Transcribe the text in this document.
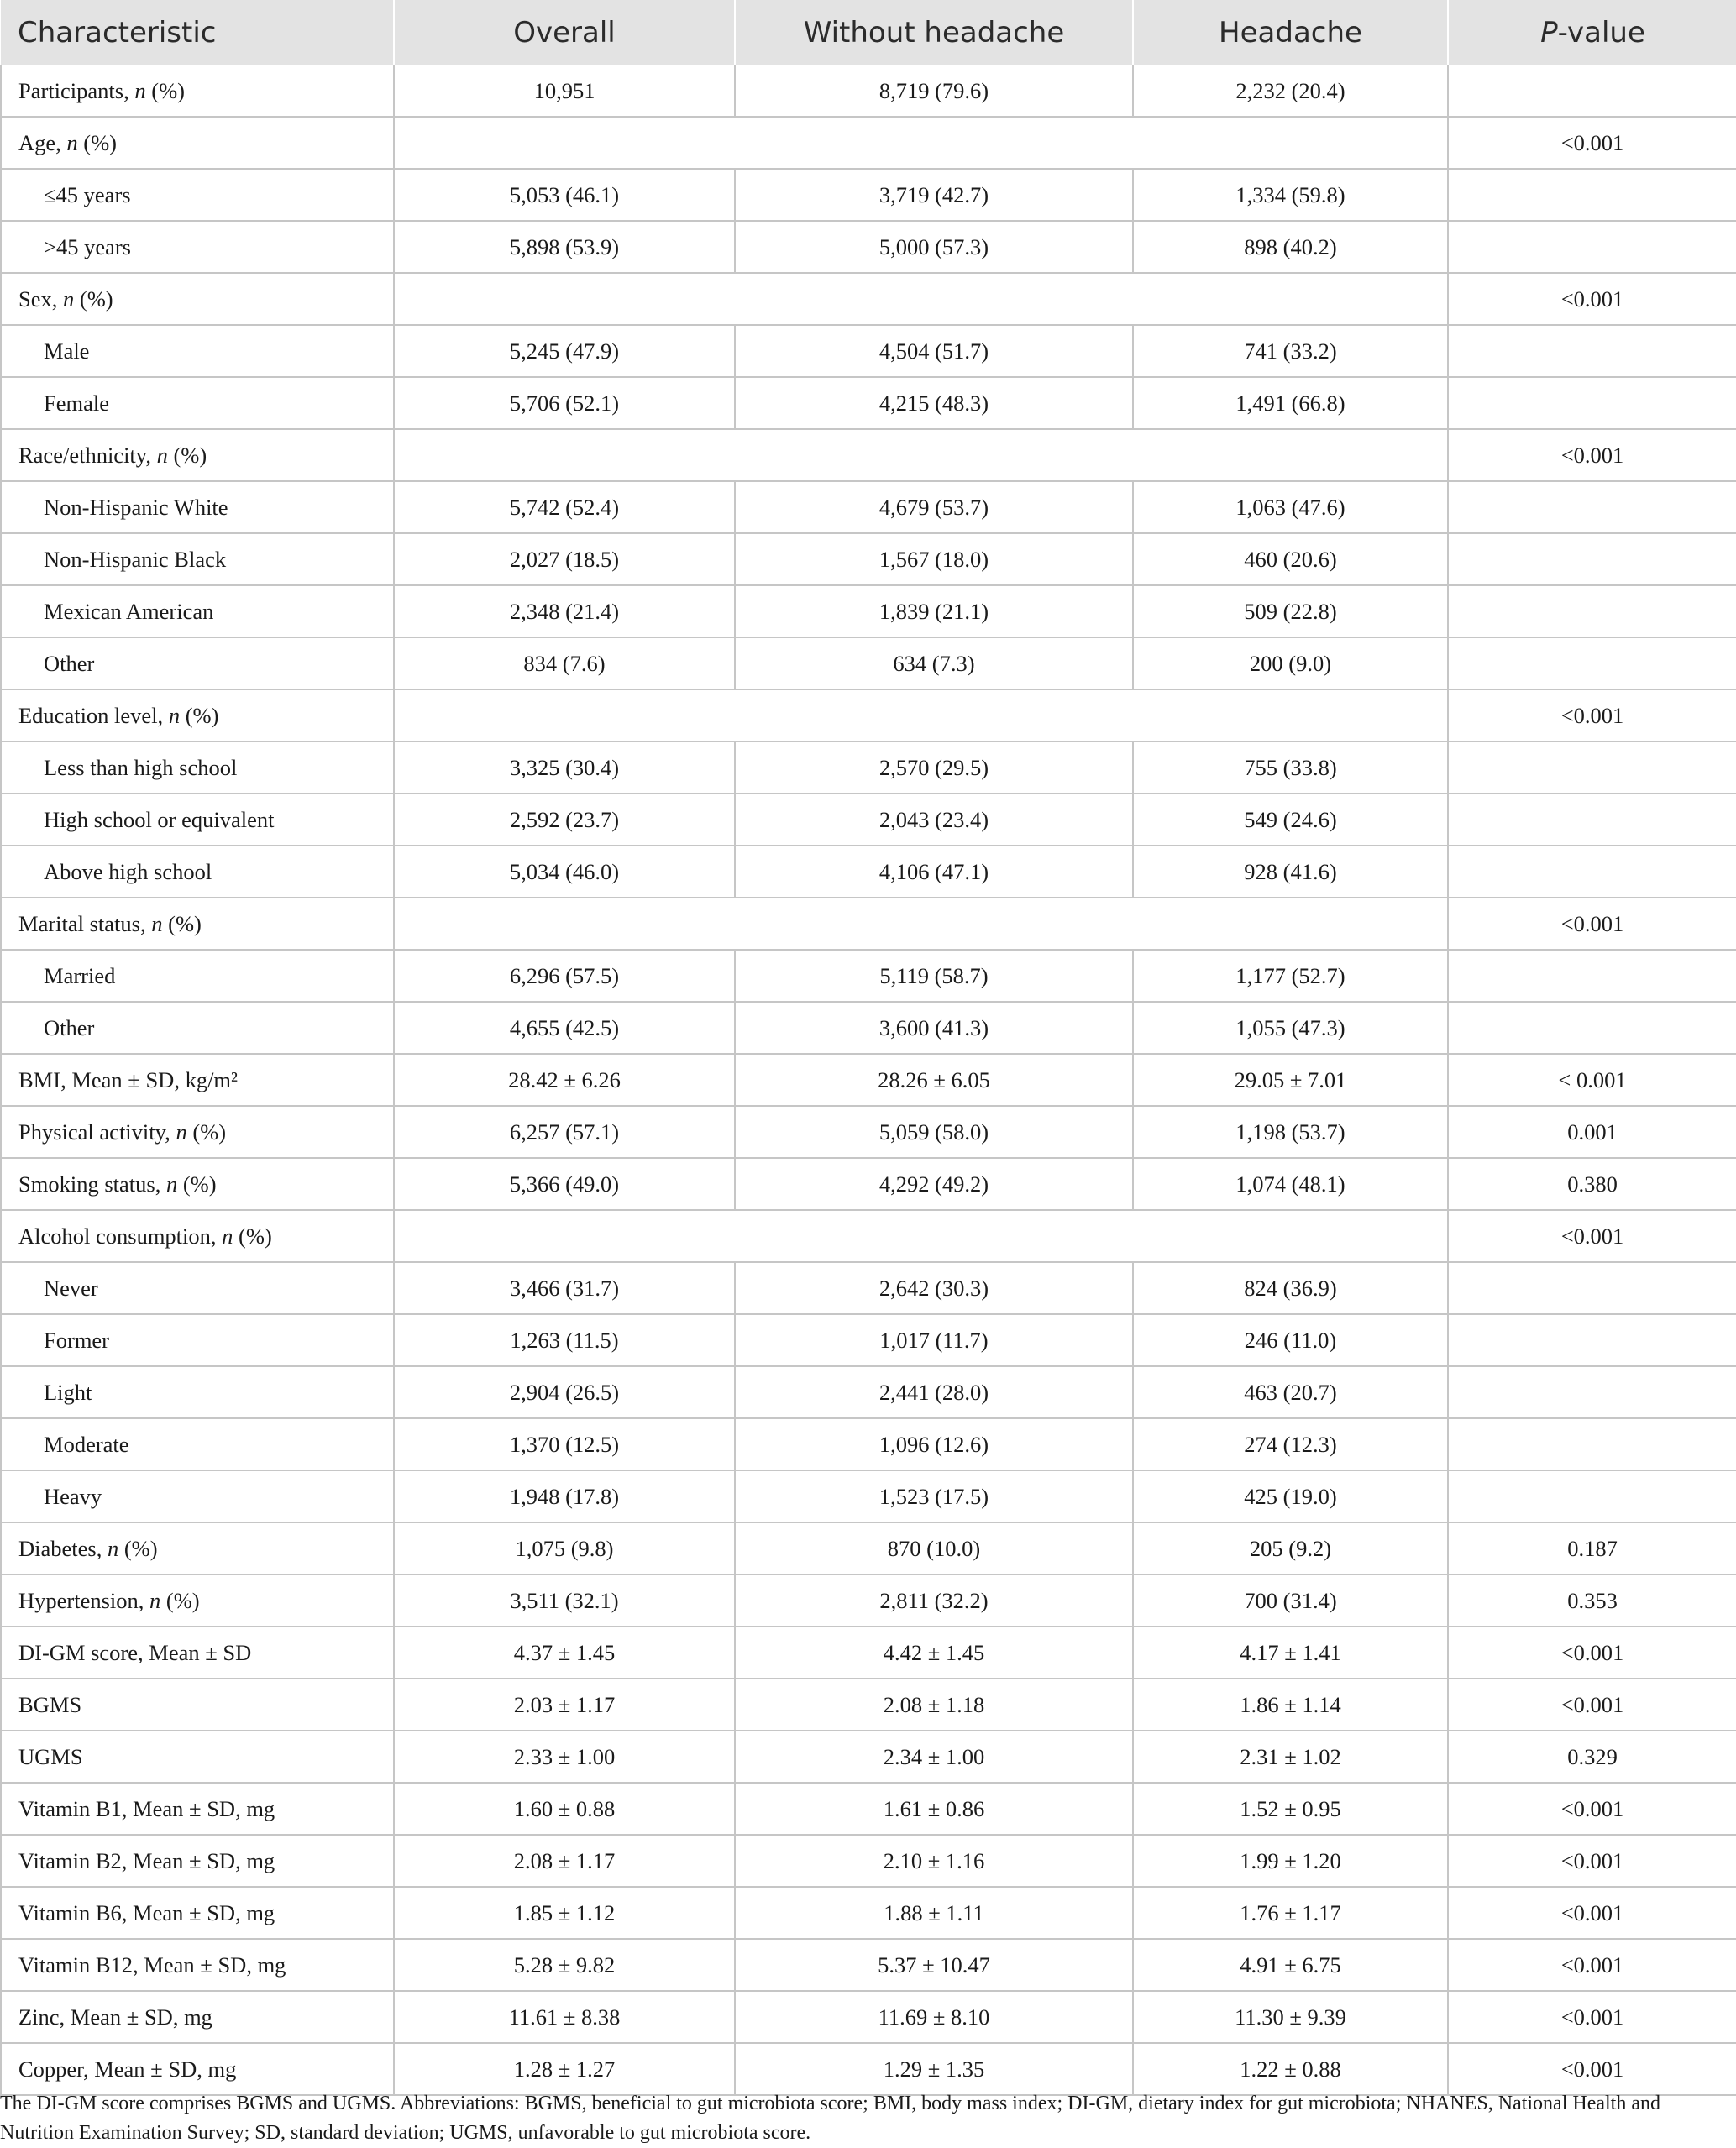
Characteristic	Overall	Without headache	Headache	P-value
Participants, n (%)	10,951	8,719 (79.6)	2,232 (20.4)	
Age, n (%)				<0.001
≤45 years	5,053 (46.1)	3,719 (42.7)	1,334 (59.8)	
>45 years	5,898 (53.9)	5,000 (57.3)	898 (40.2)	
Sex, n (%)				<0.001
Male	5,245 (47.9)	4,504 (51.7)	741 (33.2)	
Female	5,706 (52.1)	4,215 (48.3)	1,491 (66.8)	
Race/ethnicity, n (%)				<0.001
Non-Hispanic White	5,742 (52.4)	4,679 (53.7)	1,063 (47.6)	
Non-Hispanic Black	2,027 (18.5)	1,567 (18.0)	460 (20.6)	
Mexican American	2,348 (21.4)	1,839 (21.1)	509 (22.8)	
Other	834 (7.6)	634 (7.3)	200 (9.0)	
Education level, n (%)				<0.001
Less than high school	3,325 (30.4)	2,570 (29.5)	755 (33.8)	
High school or equivalent	2,592 (23.7)	2,043 (23.4)	549 (24.6)	
Above high school	5,034 (46.0)	4,106 (47.1)	928 (41.6)	
Marital status, n (%)				<0.001
Married	6,296 (57.5)	5,119 (58.7)	1,177 (52.7)	
Other	4,655 (42.5)	3,600 (41.3)	1,055 (47.3)	
BMI, Mean ± SD, kg/m²	28.42 ± 6.26	28.26 ± 6.05	29.05 ± 7.01	< 0.001
Physical activity, n (%)	6,257 (57.1)	5,059 (58.0)	1,198 (53.7)	0.001
Smoking status, n (%)	5,366 (49.0)	4,292 (49.2)	1,074 (48.1)	0.380
Alcohol consumption, n (%)				<0.001
Never	3,466 (31.7)	2,642 (30.3)	824 (36.9)	
Former	1,263 (11.5)	1,017 (11.7)	246 (11.0)	
Light	2,904 (26.5)	2,441 (28.0)	463 (20.7)	
Moderate	1,370 (12.5)	1,096 (12.6)	274 (12.3)	
Heavy	1,948 (17.8)	1,523 (17.5)	425 (19.0)	
Diabetes, n (%)	1,075 (9.8)	870 (10.0)	205 (9.2)	0.187
Hypertension, n (%)	3,511 (32.1)	2,811 (32.2)	700 (31.4)	0.353
DI-GM score, Mean ± SD	4.37 ± 1.45	4.42 ± 1.45	4.17 ± 1.41	<0.001
BGMS	2.03 ± 1.17	2.08 ± 1.18	1.86 ± 1.14	<0.001
UGMS	2.33 ± 1.00	2.34 ± 1.00	2.31 ± 1.02	0.329
Vitamin B1, Mean ± SD, mg	1.60 ± 0.88	1.61 ± 0.86	1.52 ± 0.95	<0.001
Vitamin B2, Mean ± SD, mg	2.08 ± 1.17	2.10 ± 1.16	1.99 ± 1.20	<0.001
Vitamin B6, Mean ± SD, mg	1.85 ± 1.12	1.88 ± 1.11	1.76 ± 1.17	<0.001
Vitamin B12, Mean ± SD, mg	5.28 ± 9.82	5.37 ± 10.47	4.91 ± 6.75	<0.001
Zinc, Mean ± SD, mg	11.61 ± 8.38	11.69 ± 8.10	11.30 ± 9.39	<0.001
Copper, Mean ± SD, mg	1.28 ± 1.27	1.29 ± 1.35	1.22 ± 0.88	<0.001
The DI-GM score comprises BGMS and UGMS. Abbreviations: BGMS, beneficial to gut microbiota score; BMI, body mass index; DI-GM, dietary index for gut microbiota; NHANES, National Health and Nutrition Examination Survey; SD, standard deviation; UGMS, unfavorable to gut microbiota score.
